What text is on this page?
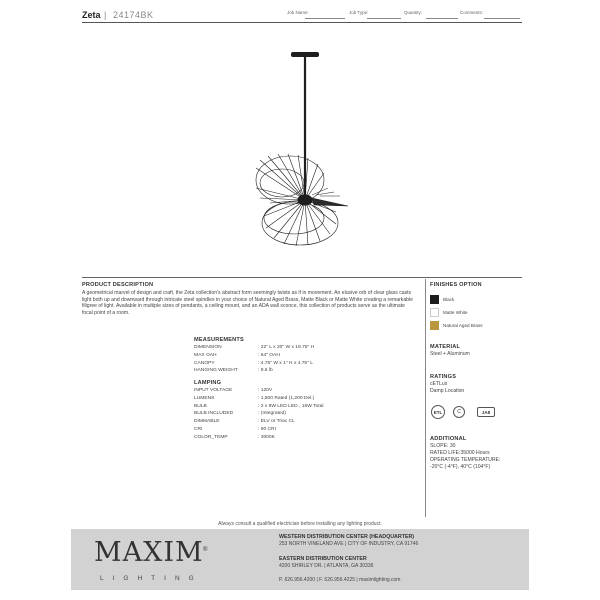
Zeta | 24174BK	Job Name:	Job Type:	Quantity:	Comments:
PRODUCT DESCRIPTION
A geometrical marvel of design and craft, the Zeta collection's abstract form seemingly twists as if in movement. An elusive orb of clear glass casts light both up and downward through intricate steel spindles in your choice of Natural Aged Brass, Matte Black or Matte White creating a remarkable filigree of light. Available in multiple sizes of pendants, a ceiling mount, and an ADA wall sconce, this collection of products serve as the ultimate focal point of a room.
MEASUREMENTS
DIMENSION	: 22" L x 20" W x 19.75" H
MAX OAH	: 64" OAH
CANOPY	: 4.75" W x 1" H x 4.75" L
HANGING WEIGHT	: 9.6 lb
LAMPING
INPUT VOLTAGE	: 120V
LUMENS	: 1,600 Rated (1,200 Del.)
BULB	: 2 x 8W LED LED , 16W Total
BULB INCLUDED	: (Integrated)
DIMMABLE	: ELV or Triac CL
CRI	: 90 CRI
COLOR_TEMP	: 3000K
FINISHES OPTION
Black
Matte White
Natural Aged Brass
MATERIAL
Steel + Aluminum
RATINGS
cETLus
Damp Location
ETL	C	JA8
ADDITIONAL
SLOPE: 30
RATED LIFE:35000 Hours
OPERATING TEMPERATURE:
-20°C (-4°F), 40°C (104°F)
Always consult a qualified electrician before installing any lighting product.
MAXIM ®
LIGHTING
WESTERN DISTRIBUTION CENTER (HEADQUARTER)
253 NORTH VINELAND AVE | CITY OF INDUSTRY, CA 91746
EASTERN DISTRIBUTION CENTER
4200 SHIRLEY DR. | ATLANTA, GA 30336
P. 626.956.4200 | F. 626.956.4225 | maximlighting.com
